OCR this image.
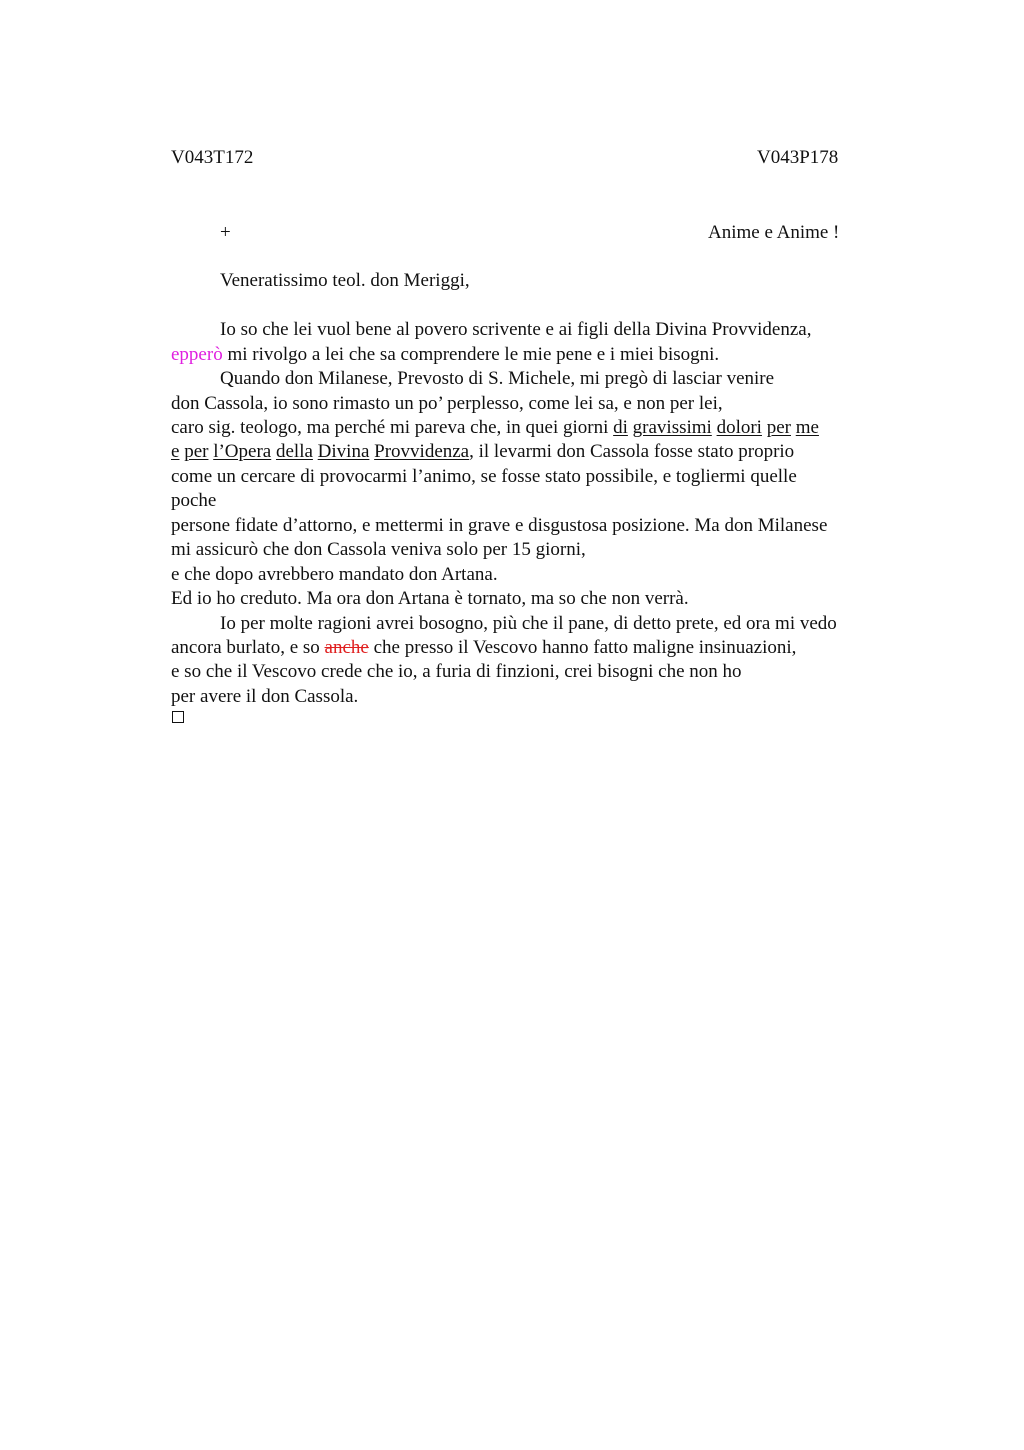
V043T172	V043P178
+	Anime e Anime !
Veneratissimo teol. don Meriggi,
Io so che lei vuol bene al povero scrivente e ai figli della Divina Provvidenza,
epperò mi rivolgo a lei che sa comprendere le mie pene e i miei bisogni.
Quando don Milanese, Prevosto di S. Michele, mi pregò di lasciar venire
don Cassola, io sono rimasto un po’ perplesso, come lei sa, e non per lei,
caro sig. teologo, ma perché mi pareva che, in quei giorni di gravissimi dolori per me
e per l’Opera della Divina Provvidenza, il levarmi don Cassola fosse stato proprio
come un cercare di provocarmi l’animo, se fosse stato possibile, e togliermi quelle
poche
persone fidate d’attorno, e mettermi in grave e disgustosa posizione. Ma don Milanese
mi assicurò che don Cassola veniva solo per 15 giorni,
e che dopo avrebbero mandato don Artana.
Ed io ho creduto. Ma ora don Artana è tornato, ma so che non verrà.
Io per molte ragioni avrei bosogno, più che il pane, di detto prete, ed ora mi vedo
ancora burlato, e so anche che presso il Vescovo hanno fatto maligne insinuazioni,
e so che il Vescovo crede che io, a furia di finzioni, crei bisogni che non ho
per avere il don Cassola.
